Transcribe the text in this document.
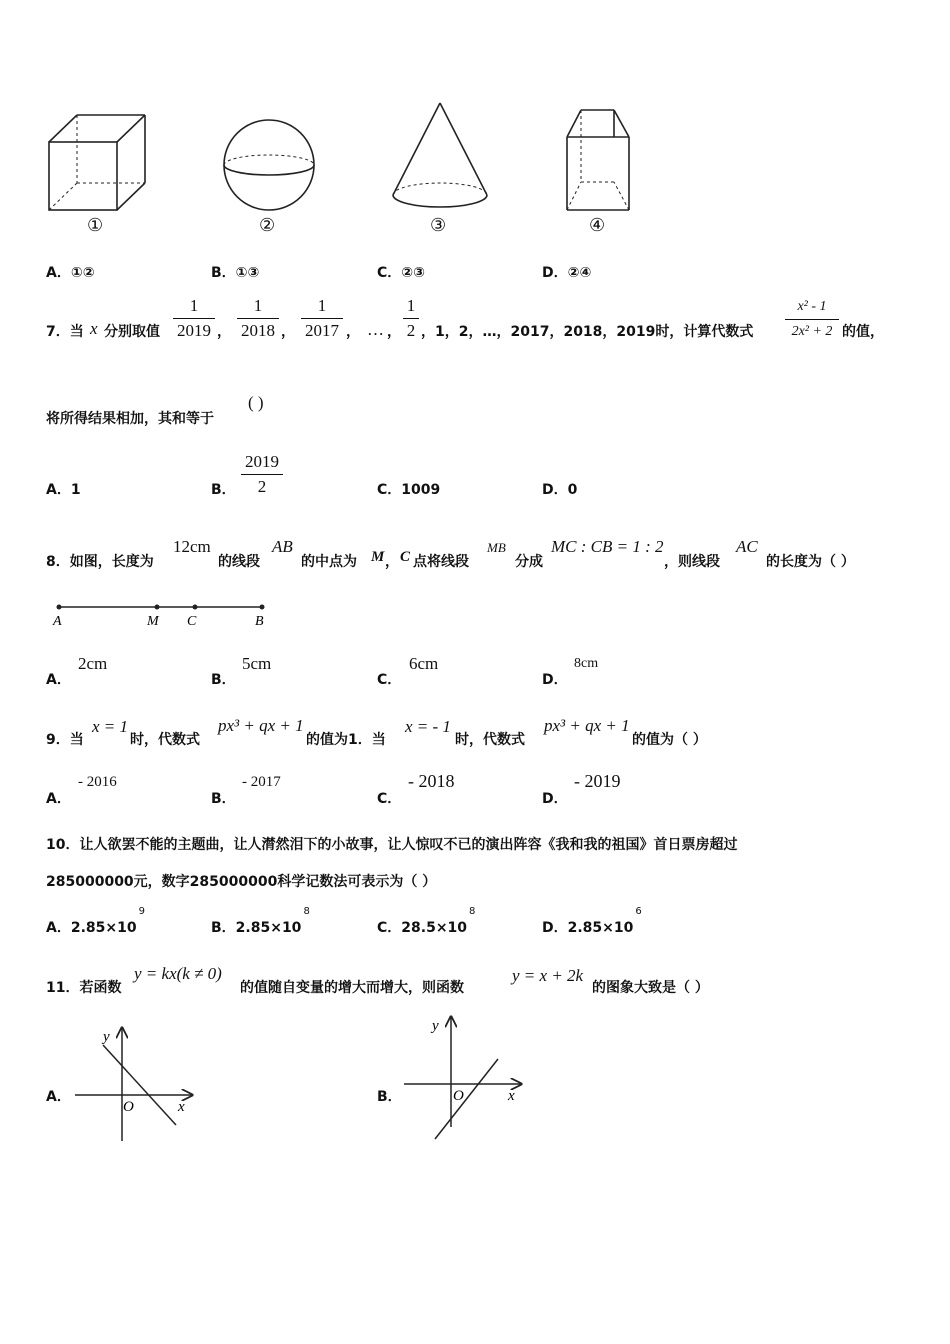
①	②	③	④
A．①②	B．①③	C．②③	D．②④
7．当 x 分别取值
1
2019 ，
1
2018 ，
1
2017 ， … ，
1
2 ，1，2，…，2017，2018，2019时，计算代数式
x² - 1
2x² + 2 的值，
将所得结果相加，其和等于
( )
A．1	B．
2019
2	C．1009	D．0
8．如图，长度为
12cm
的线段
AB
的中点为 M ， C 点将线段
MB
分成
MC : CB = 1 : 2
，则线段
AC
的长度为（ ）
A	M C	B
A．
2cm
B．
5cm
C．
6cm
D．
8cm
9．当
x = 1
时，代数式
px³ + qx + 1
的值为1．当
x = - 1
时，代数式
px³ + qx + 1
的值为（ ）
A．
- 2016
B．
- 2017
C．
- 2018
D．
- 2019
10．让人欲罢不能的主题曲，让人潸然泪下的小故事，让人惊叹不已的演出阵容《我和我的祖国》首日票房超过
285000000元，数字285000000科学记数法可表示为（ ）
A．$2.85\times 10^9$
B．$2.85\times 10^8$
C．$28.5\times 10^8$
D．$2.85\times 10^6$
11．若函数
y = kx(k ≠ 0)
的值随自变量的增大而增大，则函数
y = x + 2k
的图象大致是（ ）
A．
y
x
O
B．
y
x
O
